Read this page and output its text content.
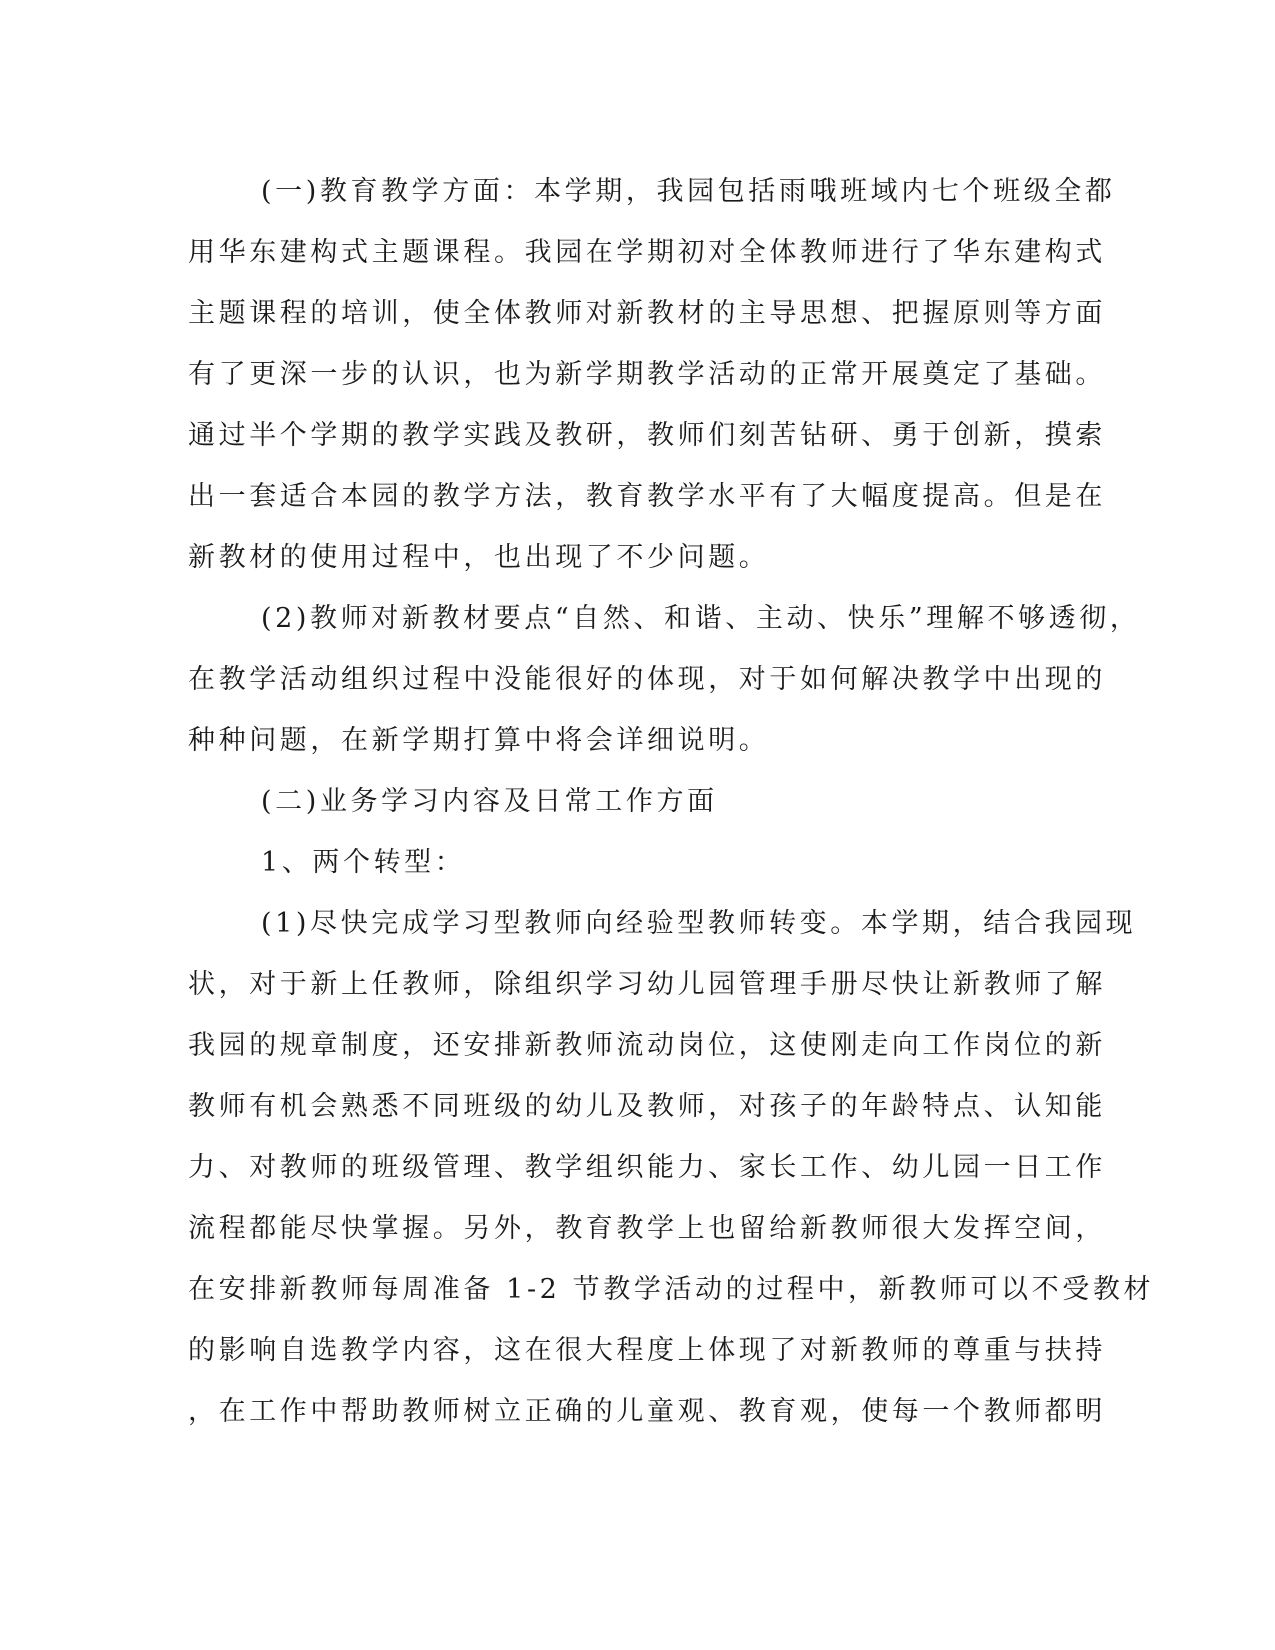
(一)教育教学方面：本学期，我园包括雨哦班域内七个班级全都
用华东建构式主题课程。我园在学期初对全体教师进行了华东建构式
主题课程的培训，使全体教师对新教材的主导思想、把握原则等方面
有了更深一步的认识，也为新学期教学活动的正常开展奠定了基础。
通过半个学期的教学实践及教研，教师们刻苦钻研、勇于创新，摸索
出一套适合本园的教学方法，教育教学水平有了大幅度提高。但是在
新教材的使用过程中，也出现了不少问题。
(2)教师对新教材要点“自然、和谐、主动、快乐”理解不够透彻，
在教学活动组织过程中没能很好的体现，对于如何解决教学中出现的
种种问题，在新学期打算中将会详细说明。
(二)业务学习内容及日常工作方面
1、两个转型：
(1)尽快完成学习型教师向经验型教师转变。本学期，结合我园现
状，对于新上任教师，除组织学习幼儿园管理手册尽快让新教师了解
我园的规章制度，还安排新教师流动岗位，这使刚走向工作岗位的新
教师有机会熟悉不同班级的幼儿及教师，对孩子的年龄特点、认知能
力、对教师的班级管理、教学组织能力、家长工作、幼儿园一日工作
流程都能尽快掌握。另外，教育教学上也留给新教师很大发挥空间，
在安排新教师每周准备 1-2 节教学活动的过程中，新教师可以不受教材
的影响自选教学内容，这在很大程度上体现了对新教师的尊重与扶持
，在工作中帮助教师树立正确的儿童观、教育观，使每一个教师都明
